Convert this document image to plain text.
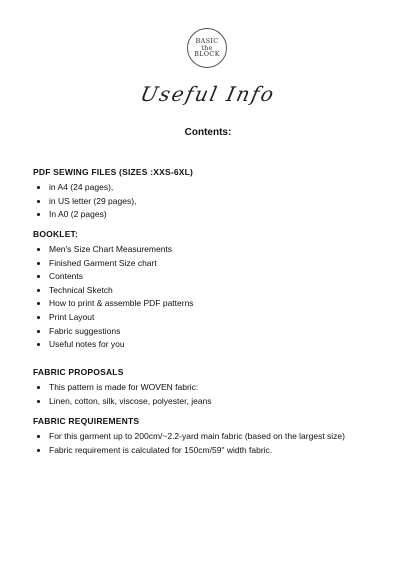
BASIC
the
BLOCK
Useful Info
Contents:
PDF SEWING FILES (SIZES :XXS-6XL)
• in A4 (24 pages),
• in US letter (29 pages),
• In A0 (2 pages)
BOOKLET:
• Men's Size Chart Measurements
• Finished Garment Size chart
• Contents
• Technical Sketch
• How to print & assemble PDF patterns
• Print Layout
• Fabric suggestions
• Useful notes for you
FABRIC PROPOSALS
• This pattern is made for WOVEN fabric:
• Linen, cotton, silk, viscose, polyester, jeans
FABRIC REQUIREMENTS
• For this garment up to 200cm/~2.2-yard main fabric (based on the largest size)
• Fabric requirement is calculated for 150cm/59" width fabric.
